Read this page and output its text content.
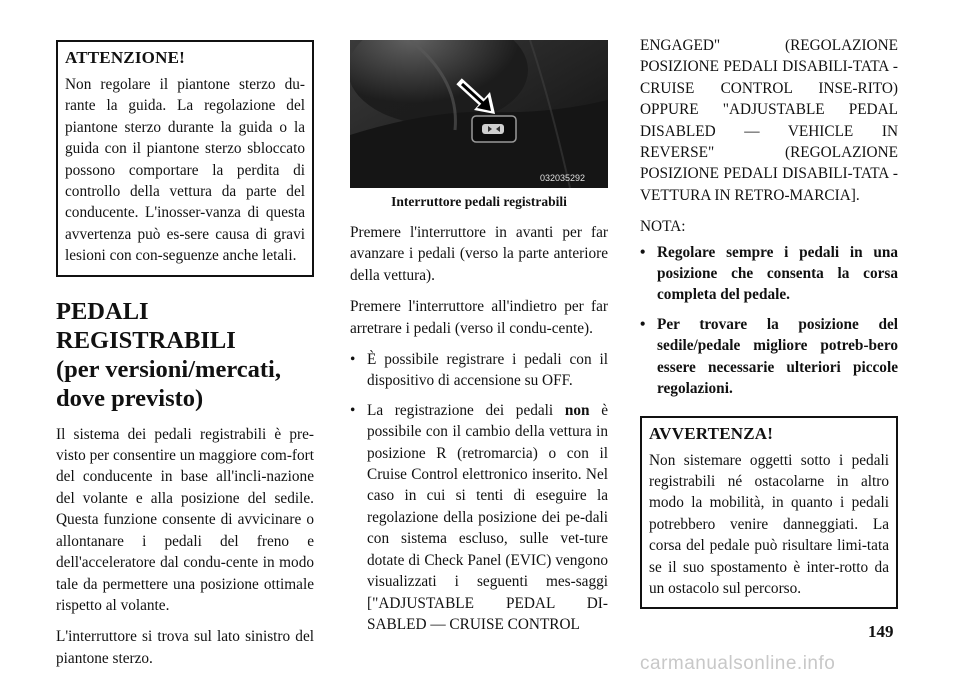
ATTENZIONE!
Non regolare il piantone sterzo du-rante la guida. La regolazione del piantone sterzo durante la guida o la guida con il piantone sterzo sbloccato possono comportare la perdita di controllo della vettura da parte del conducente. L'inosser-vanza di questa avvertenza può es-sere causa di gravi lesioni con con-seguenze anche letali.
PEDALI REGISTRABILI
(per versioni/mercati,
dove previsto)

Il sistema dei pedali registrabili è pre-visto per consentire un maggiore com-fort del conducente in base all'incli-nazione del volante e alla posizione del sedile. Questa funzione consente di avvicinare o allontanare i pedali del freno e dell'acceleratore dal condu-cente in modo tale da permettere una posizione ottimale rispetto al volante.

L'interruttore si trova sul lato sinistro del piantone sterzo.

032035292
Interruttore pedali registrabili

Premere l'interruttore in avanti per far avanzare i pedali (verso la parte anteriore della vettura).

Premere l'interruttore all'indietro per far arretrare i pedali (verso il condu-cente).

• È possibile registrare i pedali con il dispositivo di accensione su OFF.
• La registrazione dei pedali non è possibile con il cambio della vettura in posizione R (retromarcia) o con il Cruise Control elettronico inserito. Nel caso in cui si tenti di eseguire la regolazione della posizione dei pe-dali con sistema escluso, sulle vet-ture dotate di Check Panel (EVIC) vengono visualizzati i seguenti mes-saggi ["ADJUSTABLE PEDAL DI-SABLED — CRUISE CONTROL

ENGAGED" (REGOLAZIONE POSIZIONE PEDALI DISABILI-TATA - CRUISE CONTROL INSE-RITO) OPPURE "ADJUSTABLE PEDAL DISABLED — VEHICLE IN REVERSE" (REGOLAZIONE POSIZIONE PEDALI DISABILI-TATA - VETTURA IN RETRO-MARCIA].

NOTA:
• Regolare sempre i pedali in una posizione che consenta la corsa completa del pedale.
• Per trovare la posizione del sedile/pedale migliore potreb-bero essere necessarie ulteriori piccole regolazioni.
AVVERTENZA!
Non sistemare oggetti sotto i pedali registrabili né ostacolarne in altro modo la mobilità, in quanto i pedali potrebbero venire danneggiati. La corsa del pedale può risultare limi-tata se il suo spostamento è inter-rotto da un ostacolo sul percorso.
149
carmanualsonline.info
